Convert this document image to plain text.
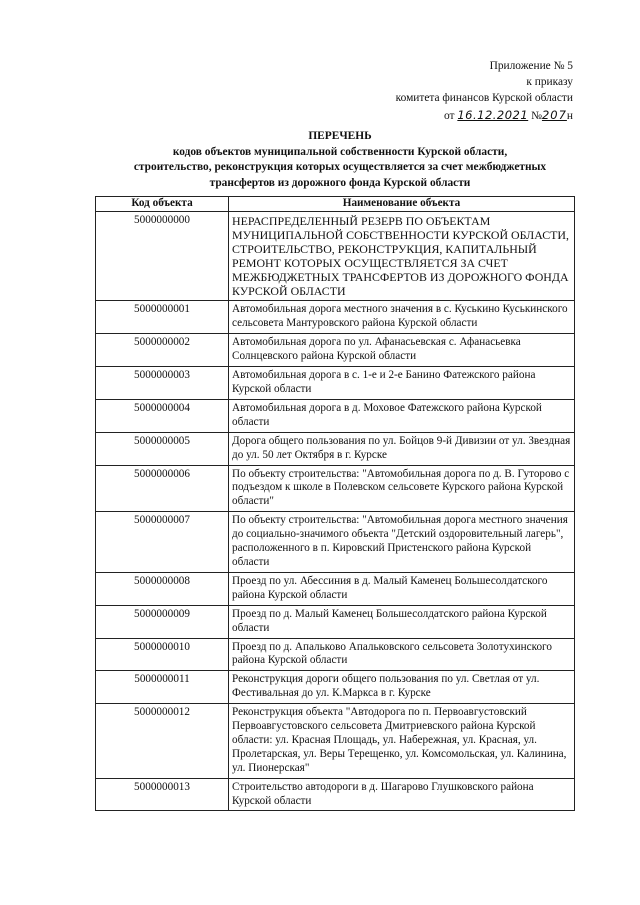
Приложение № 5
к приказу
комитета финансов Курской области
от 16.12.2021 №207н
ПЕРЕЧЕНЬ
кодов объектов муниципальной собственности Курской области,
строительство, реконструкция которых осуществляется за счет межбюджетных
трансфертов из дорожного фонда Курской области
Код объекта	Наименование объекта
5000000000	НЕРАСПРЕДЕЛЕННЫЙ РЕЗЕРВ ПО ОБЪЕКТАМ МУНИЦИПАЛЬНОЙ СОБСТВЕННОСТИ КУРСКОЙ ОБЛАСТИ, СТРОИТЕЛЬСТВО, РЕКОНСТРУКЦИЯ, КАПИТАЛЬНЫЙ РЕМОНТ КОТОРЫХ ОСУЩЕСТВЛЯЕТСЯ ЗА СЧЕТ МЕЖБЮДЖЕТНЫХ ТРАНСФЕРТОВ ИЗ ДОРОЖНОГО ФОНДА КУРСКОЙ ОБЛАСТИ
5000000001	Автомобильная дорога местного значения в с. Куськино Куськинского сельсовета Мантуровского района Курской области
5000000002	Автомобильная дорога по ул. Афанасьевская с. Афанасьевка Солнцевского района Курской области
5000000003	Автомобильная дорога в с. 1-е и 2-е Банино Фатежского района Курской области
5000000004	Автомобильная дорога в д. Моховое Фатежского района Курской области
5000000005	Дорога общего пользования по ул. Бойцов 9-й Дивизии от ул. Звездная до ул. 50 лет Октября в г. Курске
5000000006	По объекту строительства: "Автомобильная дорога по д. В. Гуторово с подъездом к школе в Полевском сельсовете Курского района Курской области"
5000000007	По объекту строительства: "Автомобильная дорога местного значения до социально-значимого объекта "Детский оздоровительный лагерь", расположенного в п. Кировский Пристенского района Курской области
5000000008	Проезд по ул. Абессиния в д. Малый Каменец Большесолдатского района Курской области
5000000009	Проезд по д. Малый Каменец Большесолдатского района Курской области
5000000010	Проезд по д. Апальково Апальковского сельсовета Золотухинского района Курской области
5000000011	Реконструкция дороги общего пользования по ул. Светлая от ул. Фестивальная до ул. К.Маркса в г. Курске
5000000012	Реконструкция объекта "Автодорога по п. Первоавгустовский Первоавгустовского сельсовета Дмитриевского района Курской области: ул. Красная Площадь, ул. Набережная, ул. Красная, ул. Пролетарская, ул. Веры Терещенко, ул. Комсомольская, ул. Калинина, ул. Пионерская"
5000000013	Строительство автодороги в д. Шагарово Глушковского района Курской области
